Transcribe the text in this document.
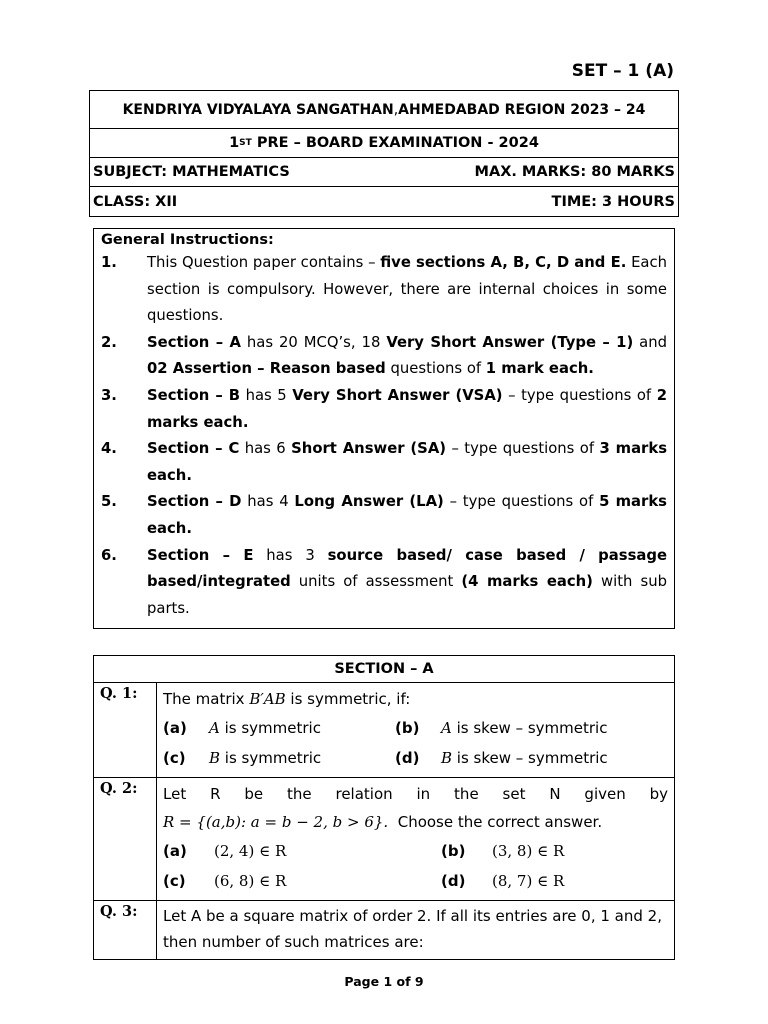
SET – 1 (A)
KENDRIYA VIDYALAYA SANGATHAN , AHMEDABAD REGION 2023 – 24
1 ST PRE – BOARD EXAMINATION - 2024
SUBJECT: MATHEMATICS	MAX. MARKS: 80 MARKS
CLASS: XII	TIME: 3 HOURS
General Instructions:
1.	This Question paper contains – five sections A, B, C, D and E. Each section is compulsory. However, there are internal choices in some questions.
2.	Section – A has 20 MCQ’s, 18 Very Short Answer (Type – 1) and 02 Assertion – Reason based questions of 1 mark each.
3.	Section – B has 5 Very Short Answer (VSA) – type questions of 2 marks each.
4.	Section – C has 6 Short Answer (SA) – type questions of 3 marks each.
5.	Section – D has 4 Long Answer (LA) – type questions of 5 marks each.
6.	Section – E has 3 source based/ case based / passage based/integrated units of assessment (4 marks each) with sub parts.
SECTION – A
Q. 1:	The matrix B′AB is symmetric, if:
(a)	A is symmetric	(b)	A is skew – symmetric
(c)	B is symmetric	(d)	B is skew – symmetric
Q. 2:	Let R be the relation in the set N given by
R = {(a,b): a = b − 2, b > 6}.  Choose the correct answer.
(a)	(2, 4) ∈ R	(b)	(3, 8) ∈ R
(c)	(6, 8) ∈ R	(d)	(8, 7) ∈ R
Q. 3:	Let A be a square matrix of order 2. If all its entries are 0, 1 and 2, then number of such matrices are:
Page 1 of 9
